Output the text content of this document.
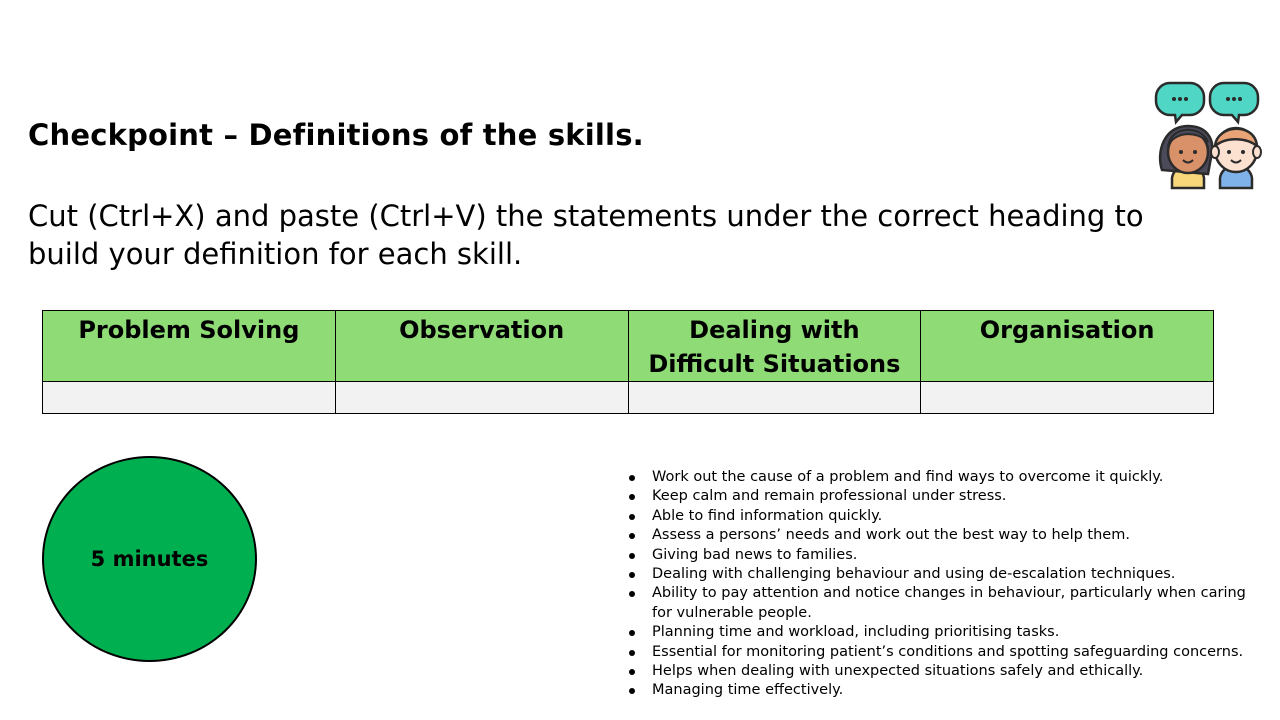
Checkpoint – Definitions of the skills.
Cut (Ctrl+X) and paste (Ctrl+V) the statements under the correct heading to build your definition for each skill.
Problem Solving	Observation	Dealing with Difficult Situations	Organisation

5 minutes
Work out the cause of a problem and find ways to overcome it quickly.
Keep calm and remain professional under stress.
Able to find information quickly.
Assess a persons’ needs and work out the best way to help them.
Giving bad news to families.
Dealing with challenging behaviour and using de-escalation techniques.
Ability to pay attention and notice changes in behaviour, particularly when caring for vulnerable people.
Planning time and workload, including prioritising tasks.
Essential for monitoring patient’s conditions and spotting safeguarding concerns.
Helps when dealing with unexpected situations safely and ethically.
Managing time effectively.
